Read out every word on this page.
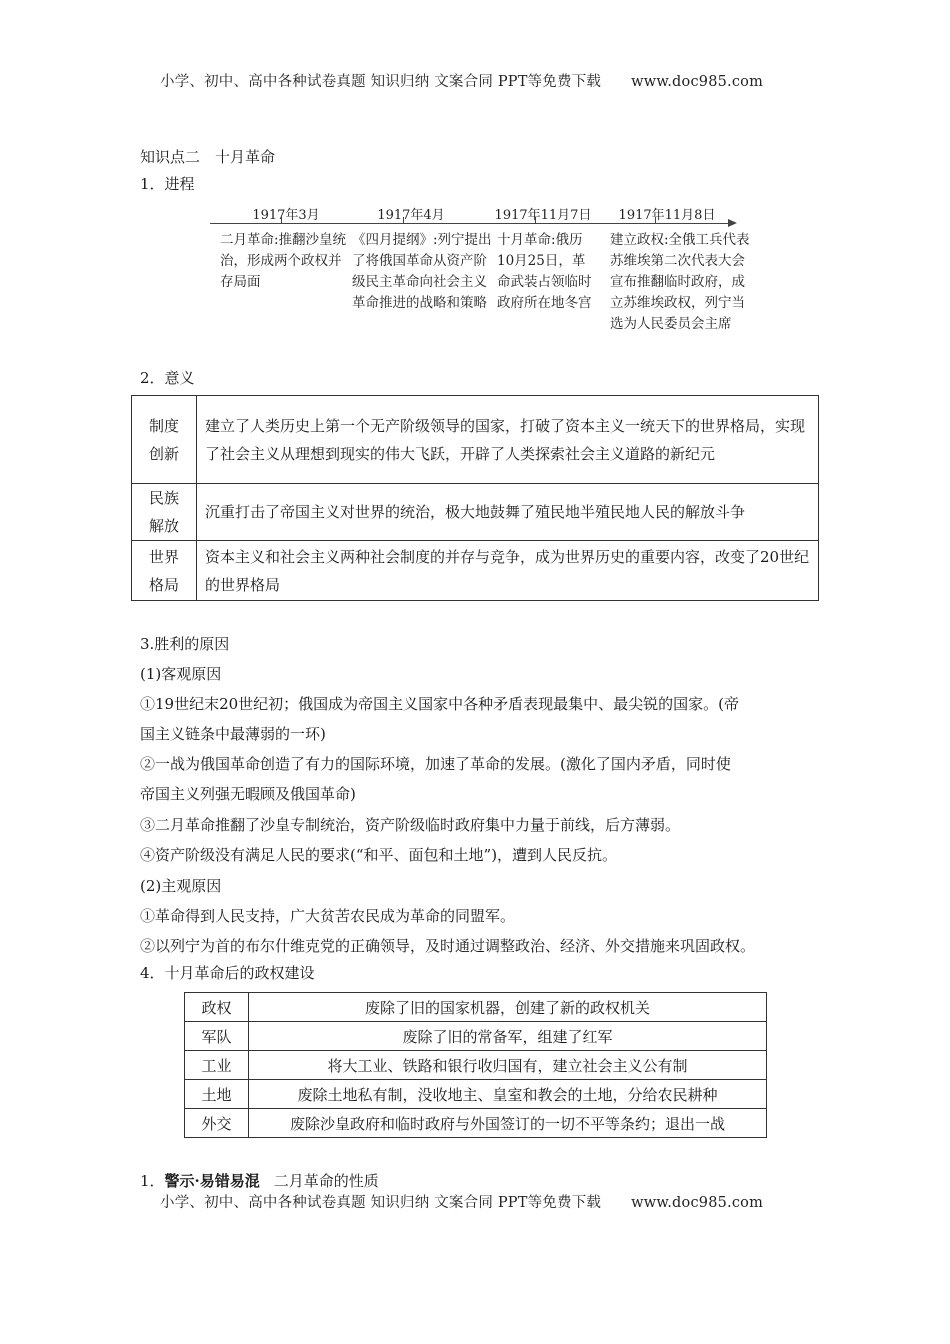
小学、初中、高中各种试卷真题 知识归纳 文案合同 PPT等免费下载 www.doc985.com
知识点二　十月革命
1．进程
1917年3月	1917年4月	1917年11月7日 1917年11月8日
二月革命:推翻沙皇统治，形成两个政权并存局面
《四月提纲》:列宁提出了将俄国革命从资产阶级民主革命向社会主义革命推进的战略和策略
十月革命:俄历10月25日，革命武装占领临时政府所在地冬宫
建立政权:全俄工兵代表苏维埃第二次代表大会宣布推翻临时政府，成立苏维埃政权，列宁当选为人民委员会主席
2．意义
制度
创新	建立了人类历史上第一个无产阶级领导的国家，打破了资本主义一统天下的世界格局，实现了社会主义从理想到现实的伟大飞跃，开辟了人类探索社会主义道路的新纪元
民族
解放	沉重打击了帝国主义对世界的统治，极大地鼓舞了殖民地半殖民地人民的解放斗争
世界
格局	资本主义和社会主义两种社会制度的并存与竞争，成为世界历史的重要内容，改变了20世纪的世界格局
3.胜利的原因
(1)客观原因
①19世纪末20世纪初；俄国成为帝国主义国家中各种矛盾表现最集中、最尖锐的国家。(帝
国主义链条中最薄弱的一环)
②一战为俄国革命创造了有力的国际环境，加速了革命的发展。(激化了国内矛盾，同时使
帝国主义列强无暇顾及俄国革命)
③二月革命推翻了沙皇专制统治，资产阶级临时政府集中力量于前线，后方薄弱。
④资产阶级没有满足人民的要求(“和平、面包和土地”)，遭到人民反抗。
(2)主观原因
①革命得到人民支持，广大贫苦农民成为革命的同盟军。
②以列宁为首的布尔什维克党的正确领导，及时通过调整政治、经济、外交措施来巩固政权。
4．十月革命后的政权建设
政权	废除了旧的国家机器，创建了新的政权机关
军队	废除了旧的常备军，组建了红军
工业	将大工业、铁路和银行收归国有，建立社会主义公有制
土地	废除土地私有制，没收地主、皇室和教会的土地，分给农民耕种
外交	废除沙皇政府和临时政府与外国签订的一切不平等条约；退出一战
1．警示·易错易混 二月革命的性质
小学、初中、高中各种试卷真题 知识归纳 文案合同 PPT等免费下载 www.doc985.com
